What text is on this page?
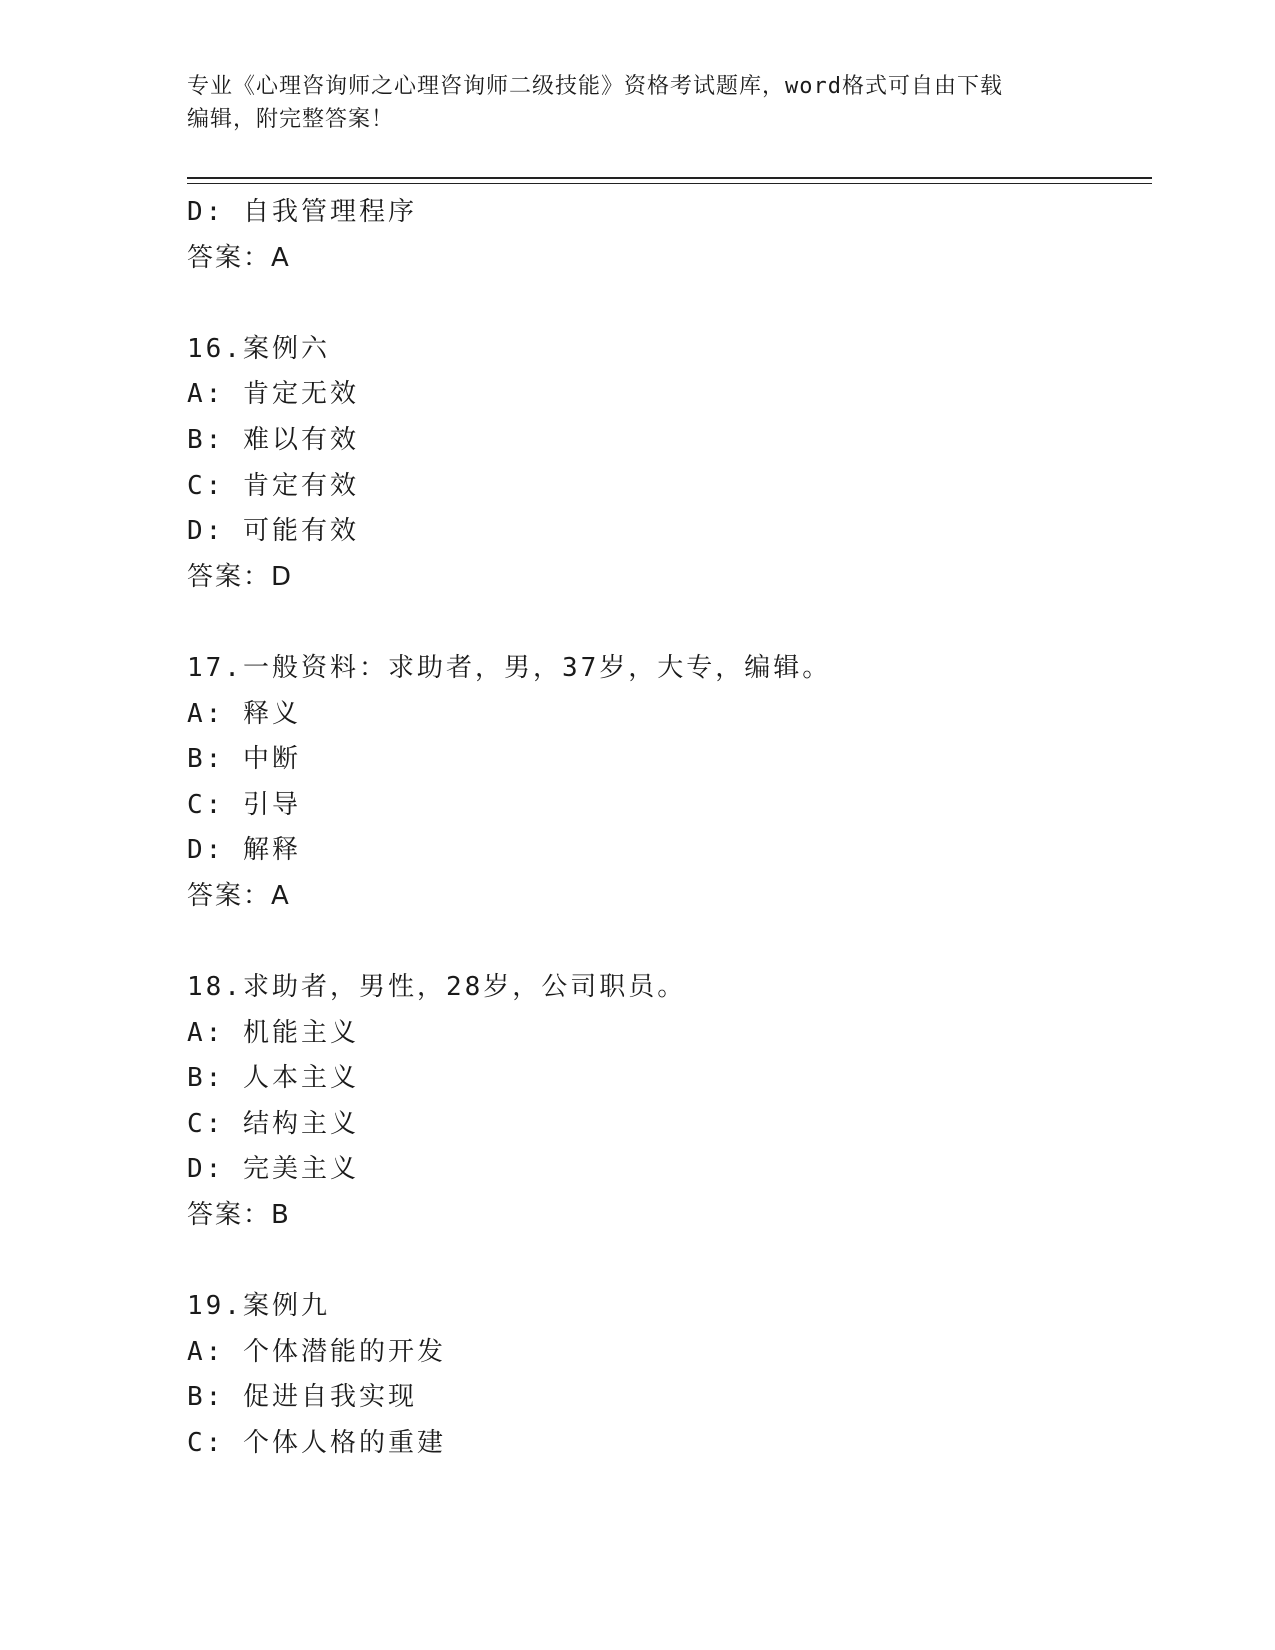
专业《心理咨询师之心理咨询师二级技能》资格考试题库，word格式可自由下载
编辑，附完整答案！
D: 自我管理程序
答案：A
16.案例六
A: 肯定无效
B: 难以有效
C: 肯定有效
D: 可能有效
答案：D
17.一般资料：求助者，男，37岁，大专，编辑。
A: 释义
B: 中断
C: 引导
D: 解释
答案：A
18.求助者，男性，28岁，公司职员。
A: 机能主义
B: 人本主义
C: 结构主义
D: 完美主义
答案：B
19.案例九
A: 个体潜能的开发
B: 促进自我实现
C: 个体人格的重建
